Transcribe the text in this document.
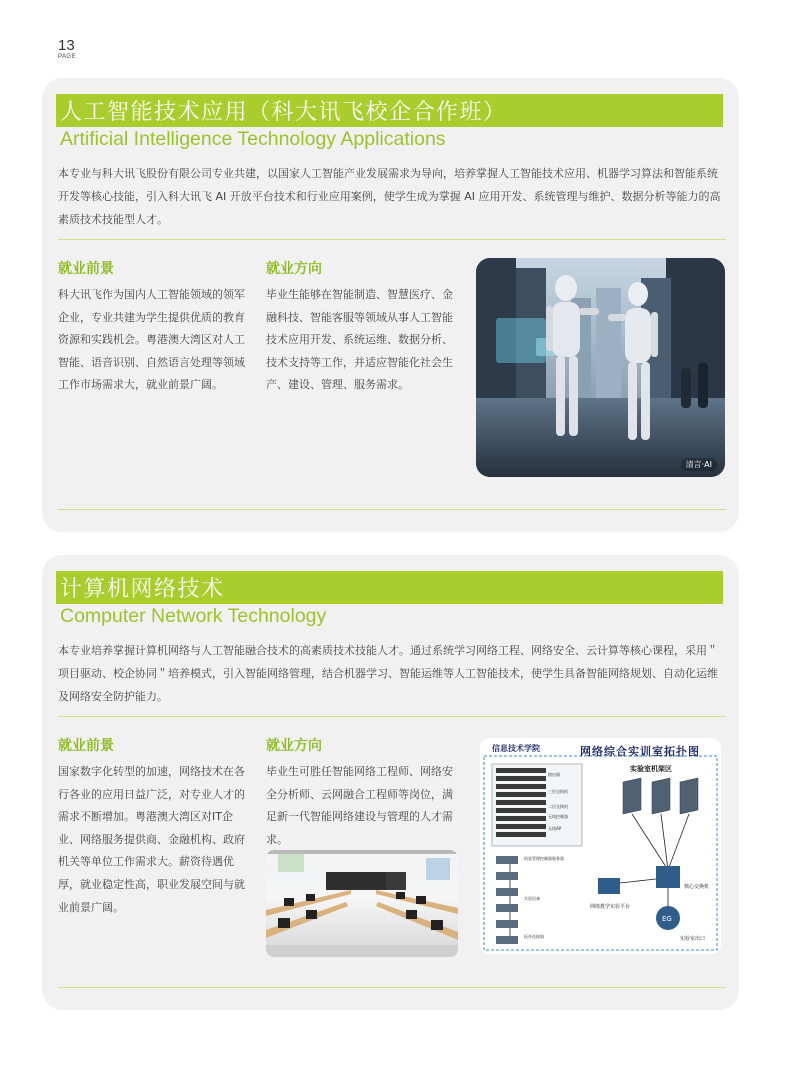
13
PAGE
人工智能技术应用（科大讯飞校企合作班）
Artificial Intelligence Technology Applications
本专业与科大讯飞股份有限公司专业共建，以国家人工智能产业发展需求为导向，培养掌握人工智能技术应用、机器学习算法和智能系统开发等核心技能，引入科大讯飞 AI 开放平台技术和行业应用案例，使学生成为掌握 AI 应用开发、系统管理与维护、数据分析等能力的高素质技术技能型人才。
就业前景
科大讯飞作为国内人工智能领域的领军企业，专业共建为学生提供优质的教育资源和实践机会。粤港澳大湾区对人工智能、语音识别、自然语言处理等领域工作市场需求大，就业前景广阔。
就业方向
毕业生能够在智能制造、智慧医疗、金融科技、智能客服等领域从事人工智能技术应用开发、系统运维、数据分析、技术支持等工作，并适应智能化社会生产、建设、管理、服务需求。
清言·AI
计算机网络技术
Computer Network Technology
本专业培养掌握计算机网络与人工智能融合技术的高素质技术技能人才。通过系统学习网络工程、网络安全、云计算等核心课程，采用＂项目驱动、校企协同＂培养模式，引入智能网络管理，结合机器学习、智能运维等人工智能技术，使学生具备智能网络规划、自动化运维及网络安全防护能力。
就业前景
国家数字化转型的加速，网络技术在各行各业的应用日益广泛，对专业人才的需求不断增加。粤港澳大湾区对IT企业、网络服务提供商、金融机构、政府机关等单位工作需求大。薪资待遇优厚，就业稳定性高，职业发展空间与就业前景广阔。
就业方向
毕业生可胜任智能网络工程师、网络安全分析师、云网融合工程师等岗位，满足新一代智能网络建设与管理的人才需求。
信息技术学院	网络综合实训室拓扑图
路由器
三层交换机
二层交换机
无线控制器
无线AP
实验室机架区
核心交换机
EG
实验室出口
网络教学实验平台
机架管理控制器服务器
实验设备
拓扑连接器
